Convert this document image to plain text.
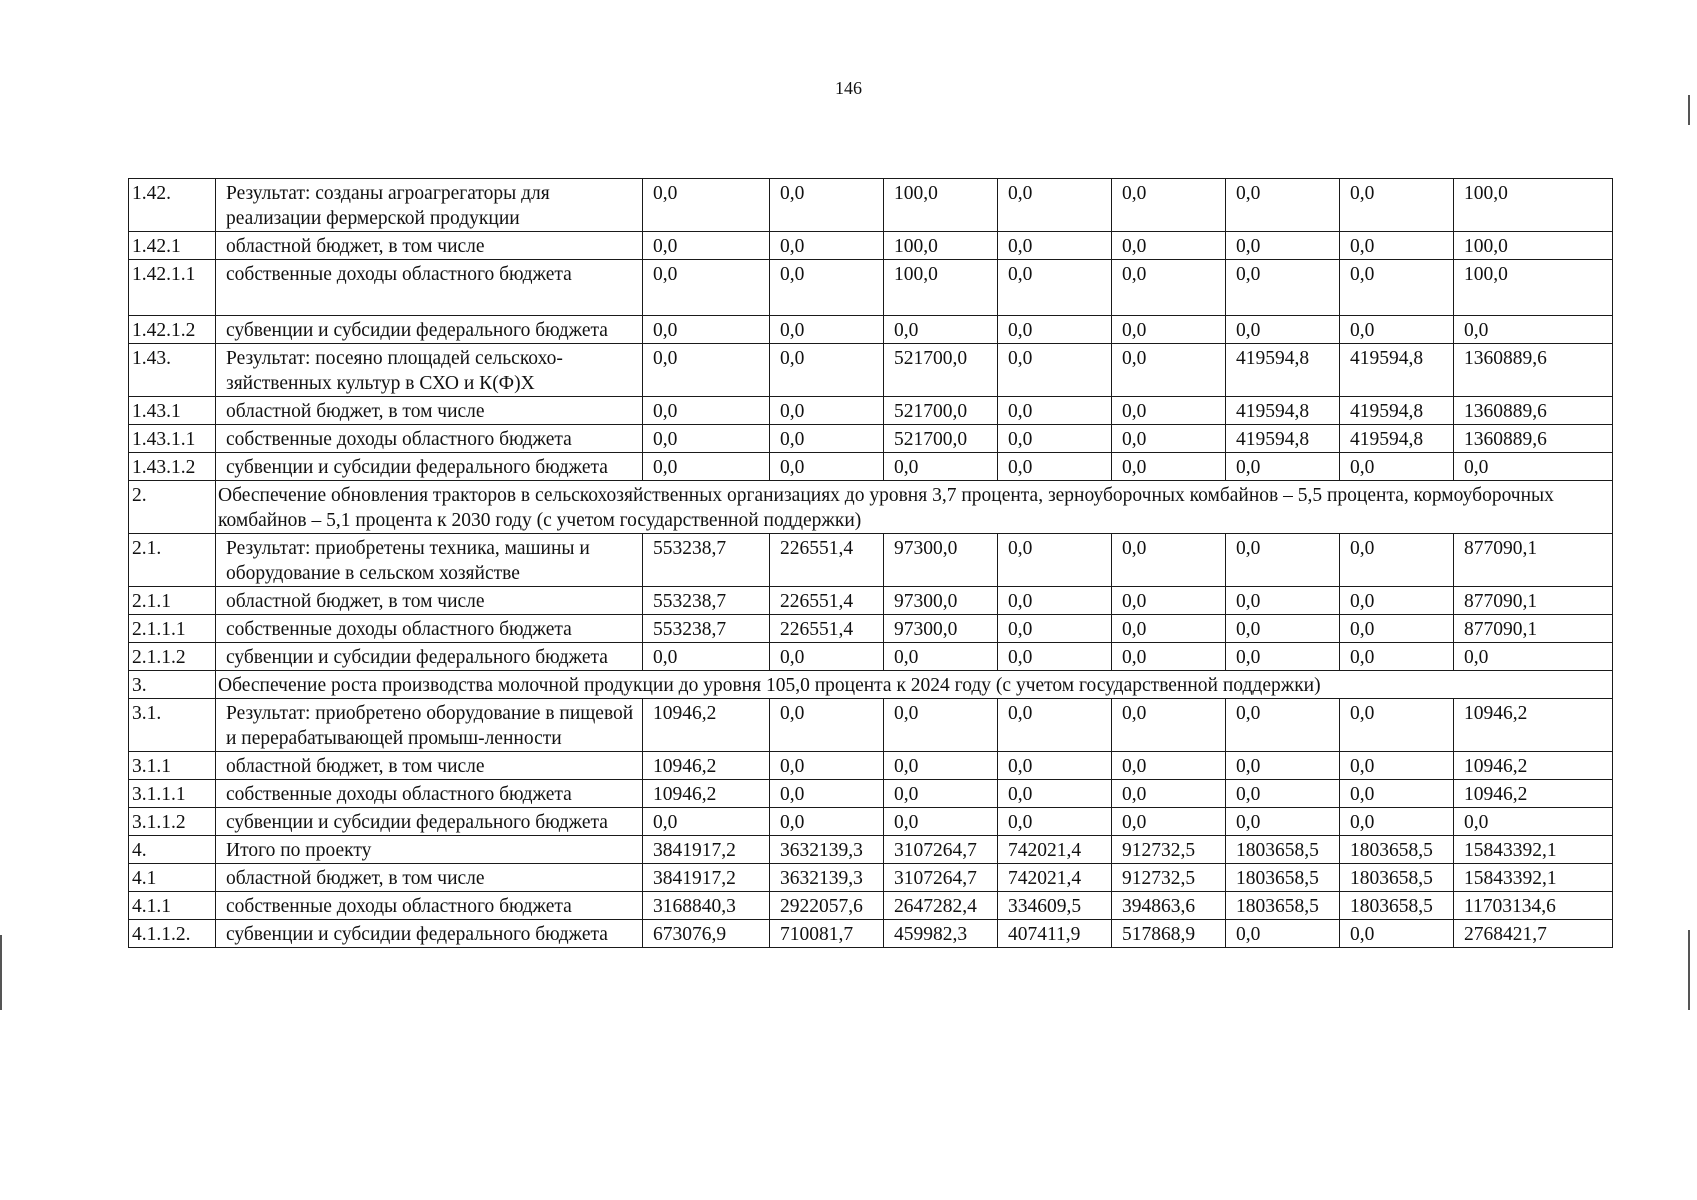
146
1.42.	Результат: созданы агроагрегаторы для реализации фермерской продукции	0,0	0,0	100,0	0,0	0,0	0,0	0,0	100,0
1.42.1	областной бюджет, в том числе	0,0	0,0	100,0	0,0	0,0	0,0	0,0	100,0
1.42.1.1	собственные доходы областного бюджета	0,0	0,0	100,0	0,0	0,0	0,0	0,0	100,0
1.42.1.2	субвенции и субсидии федерального бюджета	0,0	0,0	0,0	0,0	0,0	0,0	0,0	0,0
1.43.	Результат: посеяно площадей сельскохо-зяйственных культур в СХО и К(Ф)Х	0,0	0,0	521700,0	0,0	0,0	419594,8	419594,8	1360889,6
1.43.1	областной бюджет, в том числе	0,0	0,0	521700,0	0,0	0,0	419594,8	419594,8	1360889,6
1.43.1.1	собственные доходы областного бюджета	0,0	0,0	521700,0	0,0	0,0	419594,8	419594,8	1360889,6
1.43.1.2	субвенции и субсидии федерального бюджета	0,0	0,0	0,0	0,0	0,0	0,0	0,0	0,0
2.	Обеспечение обновления тракторов в сельскохозяйственных организациях до уровня 3,7 процента, зерноуборочных комбайнов – 5,5 процента, кормоуборочных комбайнов – 5,1 процента к 2030 году (с учетом государственной поддержки)								
2.1.	Результат: приобретены техника, машины и оборудование в сельском хозяйстве	553238,7	226551,4	97300,0	0,0	0,0	0,0	0,0	877090,1
2.1.1	областной бюджет, в том числе	553238,7	226551,4	97300,0	0,0	0,0	0,0	0,0	877090,1
2.1.1.1	собственные доходы областного бюджета	553238,7	226551,4	97300,0	0,0	0,0	0,0	0,0	877090,1
2.1.1.2	субвенции и субсидии федерального бюджета	0,0	0,0	0,0	0,0	0,0	0,0	0,0	0,0
3.	Обеспечение роста производства молочной продукции до уровня 105,0 процента к 2024 году (с учетом государственной поддержки)								
3.1.	Результат: приобретено оборудование в пищевой и перерабатывающей промыш-ленности	10946,2	0,0	0,0	0,0	0,0	0,0	0,0	10946,2
3.1.1	областной бюджет, в том числе	10946,2	0,0	0,0	0,0	0,0	0,0	0,0	10946,2
3.1.1.1	собственные доходы областного бюджета	10946,2	0,0	0,0	0,0	0,0	0,0	0,0	10946,2
3.1.1.2	субвенции и субсидии федерального бюджета	0,0	0,0	0,0	0,0	0,0	0,0	0,0	0,0
4.	Итого по проекту	3841917,2	3632139,3	3107264,7	742021,4	912732,5	1803658,5	1803658,5	15843392,1
4.1	областной бюджет, в том числе	3841917,2	3632139,3	3107264,7	742021,4	912732,5	1803658,5	1803658,5	15843392,1
4.1.1	собственные доходы областного бюджета	3168840,3	2922057,6	2647282,4	334609,5	394863,6	1803658,5	1803658,5	11703134,6
4.1.1.2.	субвенции и субсидии федерального бюджета	673076,9	710081,7	459982,3	407411,9	517868,9	0,0	0,0	2768421,7
